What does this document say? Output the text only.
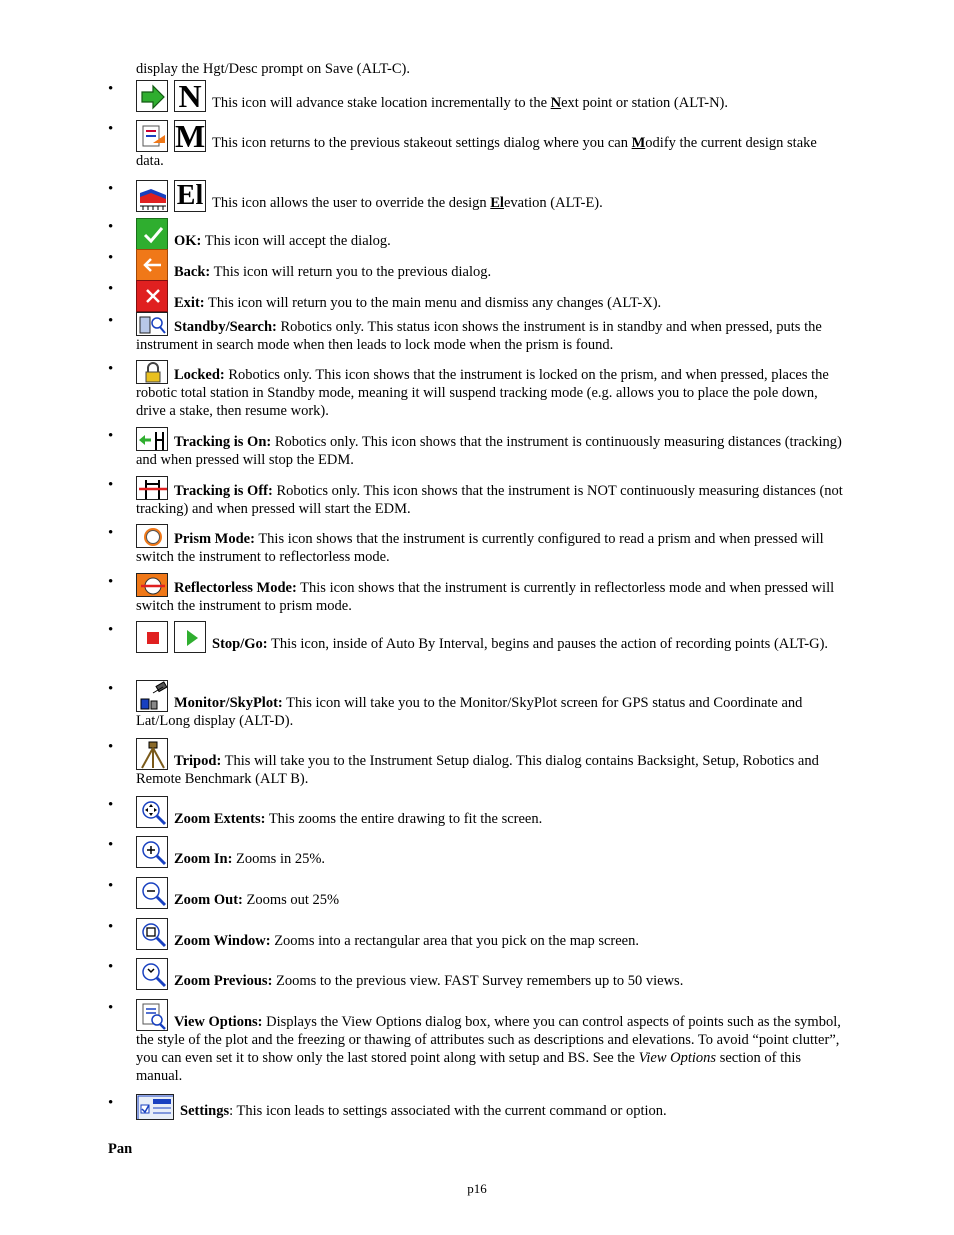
display the Hgt/Desc prompt on Save (ALT-C).
• N This icon will advance stake location incrementally to the Next point or station (ALT-N).
• M This icon returns to the previous stakeout settings dialog where you can Modify the current design stake data.
• El This icon allows the user to override the design Elevation (ALT-E).
•
OK: This icon will accept the dialog.
•
Back: This icon will return you to the previous dialog.
•
Exit: This icon will return you to the main menu and dismiss any changes (ALT-X).
•	Standby/Search: Robotics only. This status icon shows the instrument is in standby and when pressed, puts the instrument in search mode when then leads to lock mode when the prism is found.
•	Locked: Robotics only. This icon shows that the instrument is locked on the prism, and when pressed, places the robotic total station in Standby mode, meaning it will suspend tracking mode (e.g. allows you to place the pole down, drive a stake, then resume work).
•	Tracking is On: Robotics only. This icon shows that the instrument is continuously measuring distances (tracking) and when pressed will stop the EDM.
•	Tracking is Off: Robotics only. This icon shows that the instrument is NOT continuously measuring distances (not tracking) and when pressed will start the EDM.
•	Prism Mode: This icon shows that the instrument is currently configured to read a prism and when pressed will switch the instrument to reflectorless mode.
•	Reflectorless Mode: This icon shows that the instrument is currently in reflectorless mode and when pressed will switch the instrument to prism mode.
•
Stop/Go: This icon, inside of Auto By Interval, begins and pauses the action of recording points (ALT-G).
•
Monitor/SkyPlot: This icon will take you to the Monitor/SkyPlot screen for GPS status and Coordinate and Lat/Long display (ALT-D).
•
Tripod: This will take you to the Instrument Setup dialog. This dialog contains Backsight, Setup, Robotics and Remote Benchmark (ALT B).
•
Zoom Extents: This zooms the entire drawing to fit the screen.
•
Zoom In: Zooms in 25%.
•
Zoom Out: Zooms out 25%
•
Zoom Window: Zooms into a rectangular area that you pick on the map screen.
•
Zoom Previous: Zooms to the previous view. FAST Survey remembers up to 50 views.
•
View Options: Displays the View Options dialog box, where you can control aspects of points such as the symbol, the style of the plot and the freezing or thawing of attributes such as descriptions and elevations. To avoid “point clutter”, you can even set it to show only the last stored point along with setup and BS. See the View Options section of this manual.
•	Settings: This icon leads to settings associated with the current command or option.
Pan
p16
